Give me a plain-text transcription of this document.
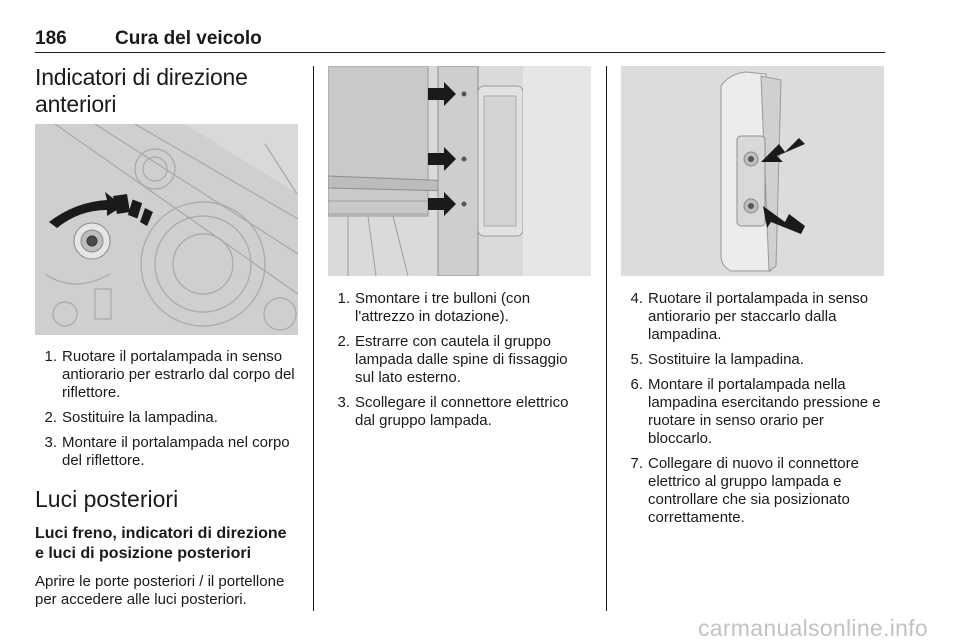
186	Cura del veicolo
Indicatori di direzione
anteriori
1. Ruotare il portalampada in senso antiorario per estrarlo dal corpo del riflettore.
2. Sostituire la lampadina.
3. Montare il portalampada nel corpo del riflettore.
Luci posteriori
Luci freno, indicatori di direzione
e luci di posizione posteriori

Aprire le porte posteriori / il portellone per accedere alle luci posteriori.

1. Smontare i tre bulloni (con l'attrezzo in dotazione).
2. Estrarre con cautela il gruppo lampada dalle spine di fissaggio sul lato esterno.
3. Scollegare il connettore elettrico dal gruppo lampada.
4. Ruotare il portalampada in senso antiorario per staccarlo dalla lampadina.
5. Sostituire la lampadina.
6. Montare il portalampada nella lampadina esercitando pressione e ruotare in senso orario per bloccarlo.
7. Collegare di nuovo il connettore elettrico al gruppo lampada e controllare che sia posizionato correttamente.
carmanualsonline.info
